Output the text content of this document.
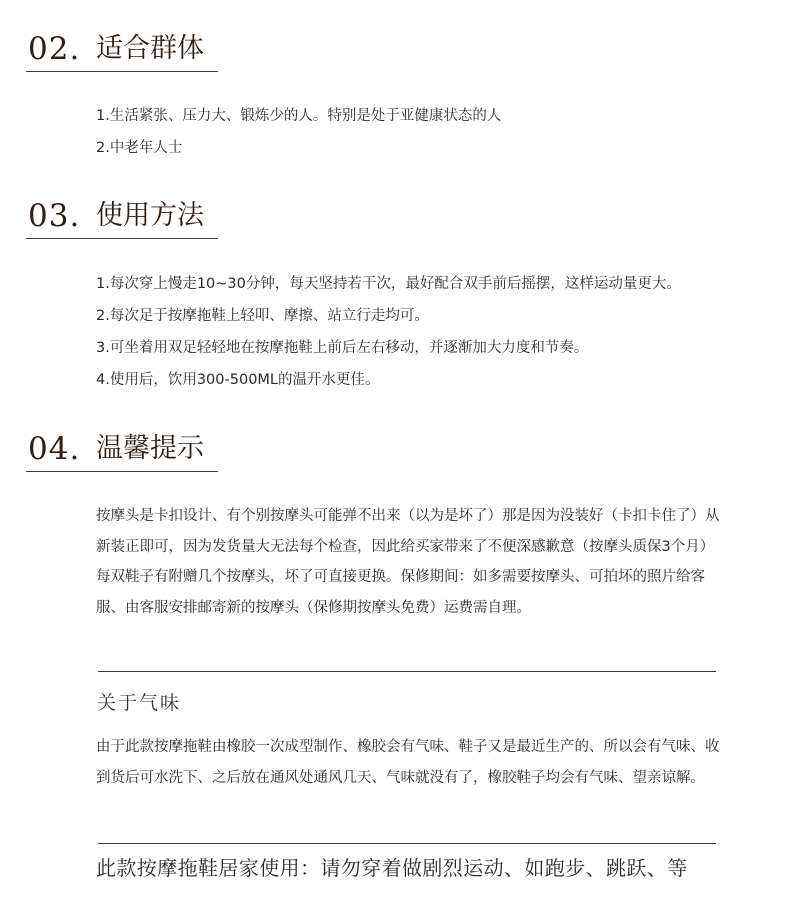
02. 适合群体
1.生活紧张、压力大、锻炼少的人。特别是处于亚健康状态的人
2.中老年人士
03. 使用方法
1.每次穿上慢走10~30分钟，每天坚持若干次，最好配合双手前后摇摆，这样运动量更大。
2.每次足于按摩拖鞋上轻叩、摩擦、站立行走均可。
3.可坐着用双足轻轻地在按摩拖鞋上前后左右移动，并逐渐加大力度和节奏。
4.使用后，饮用300-500ML的温开水更佳。
04. 温馨提示

按摩头是卡扣设计、有个别按摩头可能弹不出来（以为是坏了）那是因为没装好（卡扣卡住了）从新装正即可，因为发货量大无法每个检查，因此给买家带来了不便深感歉意（按摩头质保3个月）每双鞋子有附赠几个按摩头，坏了可直接更换。保修期间：如多需要按摩头、可拍坏的照片给客服、由客服安排邮寄新的按摩头（保修期按摩头免费）运费需自理。

关于气味

由于此款按摩拖鞋由橡胶一次成型制作、橡胶会有气味、鞋子又是最近生产的、所以会有气味、收到货后可水洗下、之后放在通风处通风几天、气味就没有了，橡胶鞋子均会有气味、望亲谅解。

此款按摩拖鞋居家使用：请勿穿着做剧烈运动、如跑步、跳跃、等
